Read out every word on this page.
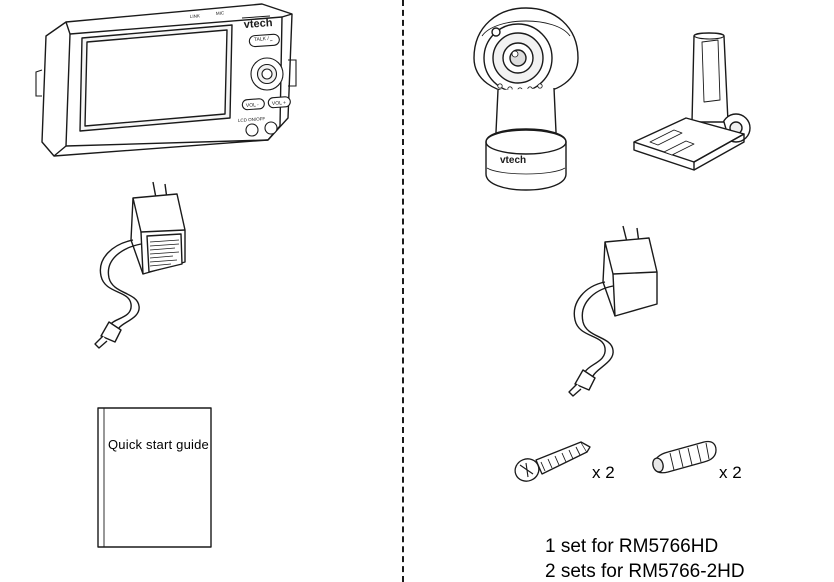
vtech
LINK
MIC
TALK / ⎵
VOL -	VOL +
LCD ON/OFF
Quick start guide
vtech
x 2	x 2
1 set for RM5766HD
2 sets for RM5766-2HD
